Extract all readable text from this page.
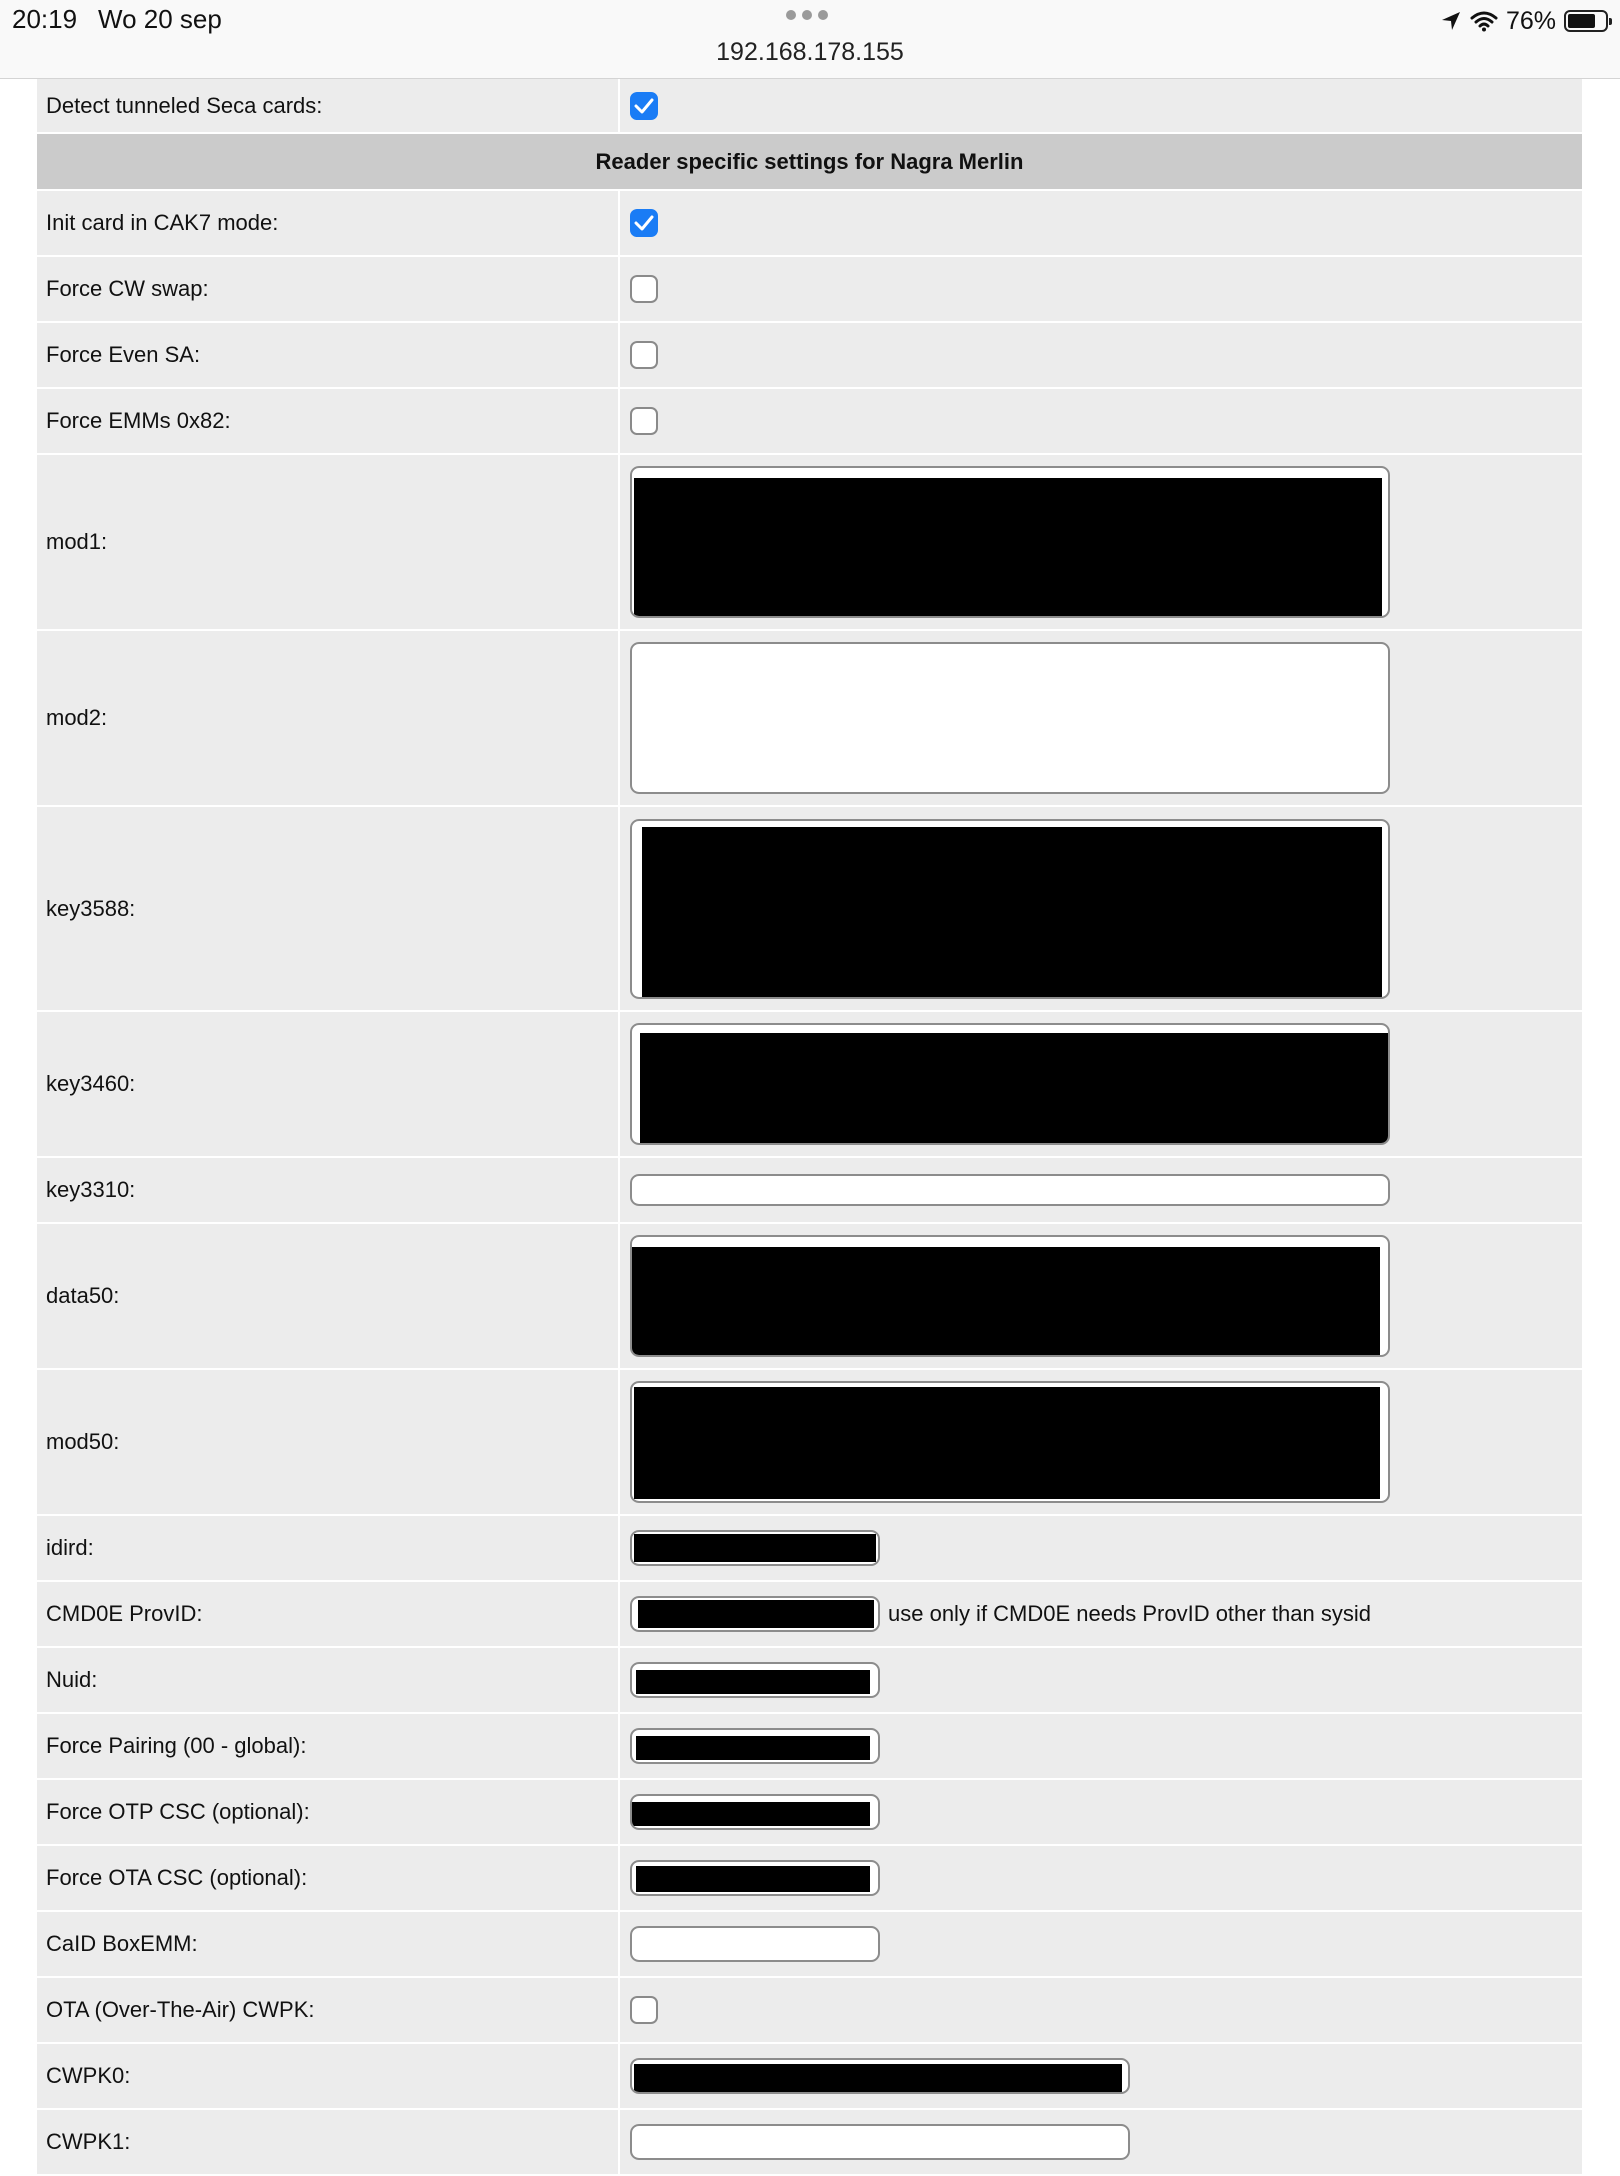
20:19 Wo 20 sep
192.168.178.155
76%
Detect tunneled Seca cards:
Reader specific settings for Nagra Merlin
Init card in CAK7 mode:
Force CW swap:
Force Even SA:
Force EMMs 0x82:
mod1:
mod2:
key3588:
key3460:
key3310:
data50:
mod50:
idird:
CMD0E ProvID:	use only if CMD0E needs ProvID other than sysid
Nuid:
Force Pairing (00 - global):
Force OTP CSC (optional):
Force OTA CSC (optional):
CaID BoxEMM:
OTA (Over-The-Air) CWPK:
CWPK0:
CWPK1:
